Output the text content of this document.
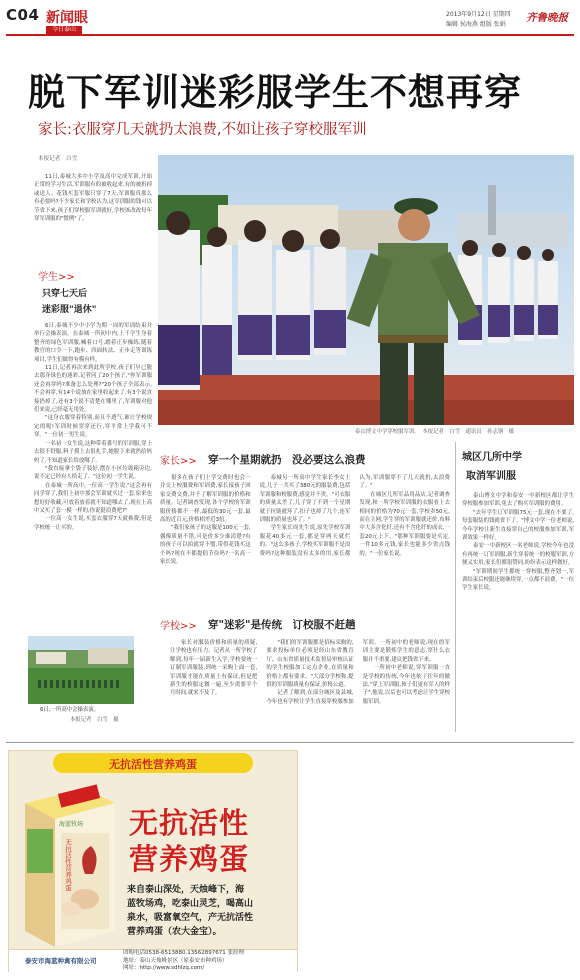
C04 新闻眼
今日泰山
2013年9月12日 星期四
编辑 侯海燕 组版 张娟
齐鲁晚报
脱下军训迷彩服学生不想再穿
家长:衣服穿几天就扔太浪费,不如让孩子穿校服军训
本报记者　白雪

11日,泰城大多中小学及高中完成军训,开始正常的学习生活,军训服有的被收起来,有的被扔掉或送人。花钱买套军服只穿了7天,军训服真那么有必要吗?不少家长和学校认为,这军训服的钱可以节省下来,孩子们穿校服军训就好,学校该改改每年穿军训服的"惯例"了。

学生>>
只穿七天后
迷彩服"退休"

6日,泰城不少中小学为期一周的军训结束并举行会操表演。在泰城一所初中内,上千学生身着整齐的绿色军训服,喊着口号,踏着正步操练,随着教官的口令一下,跑步、四面转法、正步走等训练项目,学生们做得有模有样。

11日,记者再次来到此所学校,孩子们早已脱去那身绿色的迷彩,记者问了20个孩子,"你军训服还会再穿吗?准备怎么处理?"20个孩子全部表示,不会再穿,有14个说放在家里收起来了,有3个说直接扔掉了,还有3个说不清楚在哪里了,军训服对他们来说,已经毫无用处。

"这身衣服穿着特别,而且不透气,谁让学校规定的呢!军训时候穿穿还行,穿平常上学我可不穿。"一位初一男生说。

一名初一女生说,这种带着番号的军训服,穿上去很不舒服,料子摸上去很扎手,她脱下来就扔给妈妈了,不知道家长给放哪了。

"我直接拿个袋子装好,摆在小区垃圾箱旁边,说不定已经有人拾走了。"这位初一学生说。

在泰城一所高中,一位高一学生说,"这会再有同学穿了,我们上初中那会军训就买过一套,原来也想好好收藏,可放着放着就不知道哪去了,现在上高中又买了套一模一样的,你说挺浪费吧?"

一位高一女生说,买套衣服穿7天就换费,但是学校统一让买的。

6日,一所高中会操表演。
本报记者　白雪　摄
泰山博文中学穿校服军训。　本报记者　白雪　通讯员　孙志钢　摄
家长>> 穿一个星期就扔　没必要这么浪费

很多在孩子们上学交费时也会一并交上校服费和军训费,家长接孩子回家交费交费,并不了解军训服的价格和质量。记者调查发现,各个学校的军训服价格都不一样,最低的30元一套,最高的近百元,价格相差近3倍。

"我们家孩子的这服是100元一套,偶像质量不错,可是价多少谁清楚?有的孩子可以拍就穿不惯,带得花钱买这个吗?现在不都提倡节俭吗?一名高一家长说。

泰城另一所高中学生家长李女士说,儿子一共买了380元的服装费,包括军训服和校服费,感觉并不贵。"可衣服的质量太差了,儿子穿了不到一个星期就子拉链就坏了,扣子也掉了几个,连军训服的质量也坏了。"

学生家长周先生说,原先学校军训服花40多元一套,都是穿两天就烂的。"这么多孩子,学校买军训服不是浪费吗?这种服装没有太多的用,家长都认为,军训服穿不了几天就扔,太浪费了。"

在城区几所军品用品店,记者调查发现,和一所学校军训服的衣服看上去相同的价格为70元一套,学校卖50元,而在主网,学生穿的军训服就还价,布料中大多含化纤,还有不含化纤的成衣,一套20元上下。"那种军训服要是买定,一件10多元钱,家长也能多少省点钱的。"一位家长说。

学校>> 穿"迷彩"是传统　订校服不赶趟

家长对服装价格和质量的质疑,让学校也有压力。记者从一所学校了解到,每年一届新生入学,学校要统一订制军训服装,到统一采购上面一套,军训服才能在质量上有保证,但是把新生的校服定做一遍,至少需要半个月时间,就来不及了。

"我们的军训服都是招标采购的,要求投标单位必须是经山东省教育厅、山东省质量技术监督局审核认证的学生校服加工定点企业,在质量和价格上都有要求。"大部分学校称,提供的军训服质量有保证,价格公道。

记者了解到,在部分城区及县城,今年也有学校让学生直接穿校服参加军训。一所初中的老师说,现在的军训主要是锻炼学生的意志,穿什么衣服并不重要,建议把钱省下来。

一所初中老师说,穿军训服一直是学校的传统,今年也依了往年的做法,"穿上军训服,孩子们更有军人的样子",他说,以后也可以考虑让学生穿校服军训。

城区几所中学
取消军训服

泰山博文中学和泰安一中新校区都让学生穿校服参加军训,免去了购买军训服的费用。

"去年学生订军训服75元一套,现在不要了,每套服装的钱就省下了。"博文中学一位老师说,今年学校让新生直接穿自己的校服参加军训,军训效果一样好。

泰安一中新校区一名老师说,学校今年也没有再统一订军训服,新生穿着统一的校服军训,方便又实用,家长们都很赞同,纷纷表示这样做好。

"军训期间学生都统一穿校服,整齐划一,军训结束后校服还能继续穿,一点都不浪费。"一位学生家长说。

无抗活性营养鸡蛋
海蓝牧场
无抗活性营养鸡蛋
无抗活性
营养鸡蛋
来自泰山深处，天烛峰下，海
蓝牧场鸡，吃泰山灵芝，喝高山
泉水，吸富氧空气，产无抗活性
营养鸡蛋（农大金宝）。
泰安市海蓝种禽有限公司
团购电话0538-6513880.13562897671 张经理
地址：泰山天烛峰景区（原泰安市种鸡场）
网址：http://www.sdhlzq.com/
